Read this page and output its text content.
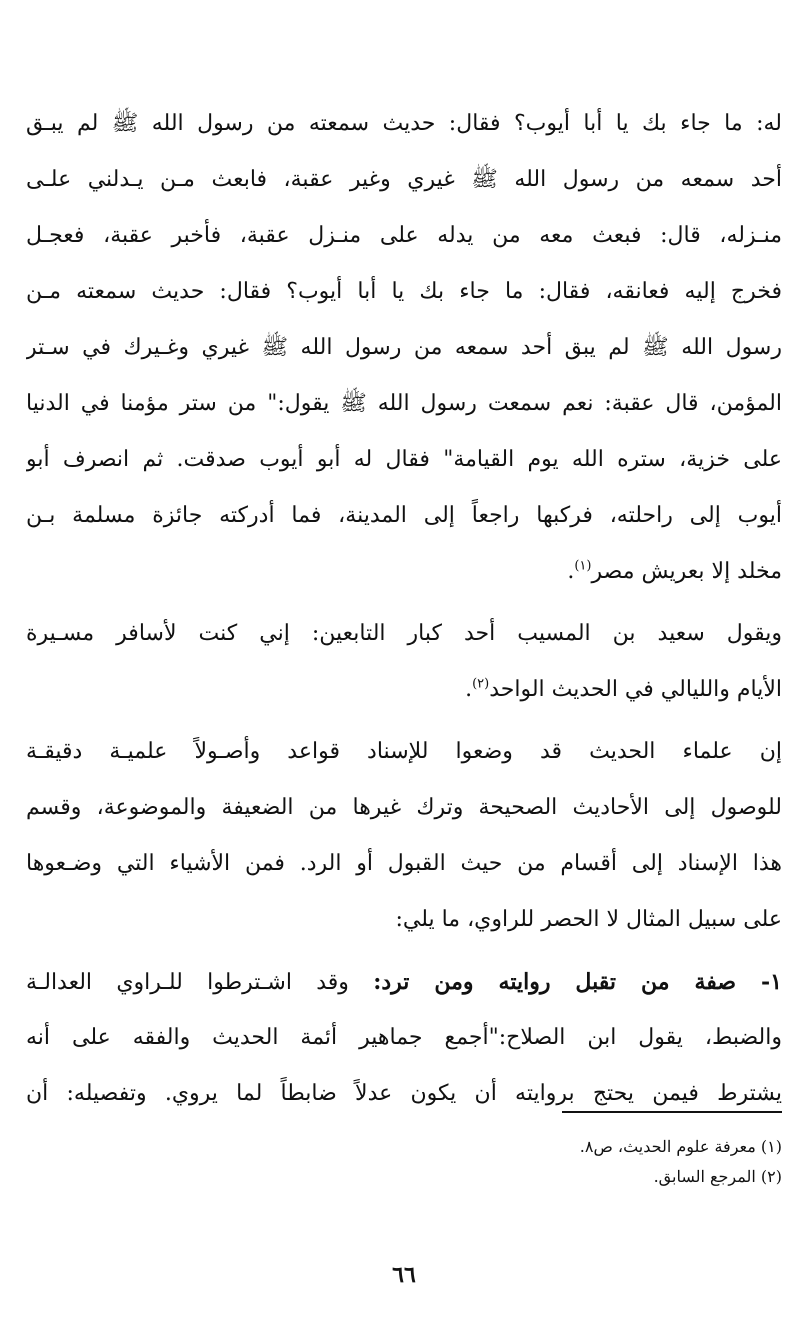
له: ما جاء بك يا أبا أيوب؟ فقال: حديث سمعته من رسول الله ﷺ لم يبـق
أحد سمعه من رسول الله ﷺ غيري وغير عقبة، فابعث مـن يـدلني علـى
منـزله، قال: فبعث معه من يدله على منـزل عقبة، فأخبر عقبة، فعجـل
فخرج إليه فعانقه، فقال: ما جاء بك يا أبا أيوب؟ فقال: حديث سمعته مـن
رسول الله ﷺ لم يبق أحد سمعه من رسول الله ﷺ غيري وغـيرك في سـتر
المؤمن، قال عقبة: نعم سمعت رسول الله ﷺ يقول:" من ستر مؤمنا في الدنيا
على خزية، ستره الله يوم القيامة" فقال له أبو أيوب صدقت. ثم انصرف أبو
أيوب إلى راحلته، فركبها راجعاً إلى المدينة، فما أدركته جائزة مسلمة بـن
مخلد إلا بعريش مصر$^{(١)}$.
ويقول سعيد بن المسيب أحد كبار التابعين: إني كنت لأسافر مسـيرة
الأيام والليالي في الحديث الواحد$^{(٢)}$.
إن علماء الحديث قد وضعوا للإسناد قواعد وأصـولاً علميـة دقيقـة
للوصول إلى الأحاديث الصحيحة وترك غيرها من الضعيفة والموضوعة، وقسم
هذا الإسناد إلى أقسام من حيث القبول أو الرد. فمن الأشياء التي وضـعوها
على سبيل المثال لا الحصر للراوي، ما يلي:
١- صفة من تقبل روايته ومن ترد: وقد اشـترطوا للـراوي العدالـة
والضبط، يقول ابن الصلاح:"أجمع جماهير أئمة الحديث والفقه على أنه
يشترط فيمن يحتج بروايته أن يكون عدلاً ضابطاً لما يروي. وتفصيله: أن
(١) معرفة علوم الحديث، ص٨.
(٢) المرجع السابق.
٦٦
